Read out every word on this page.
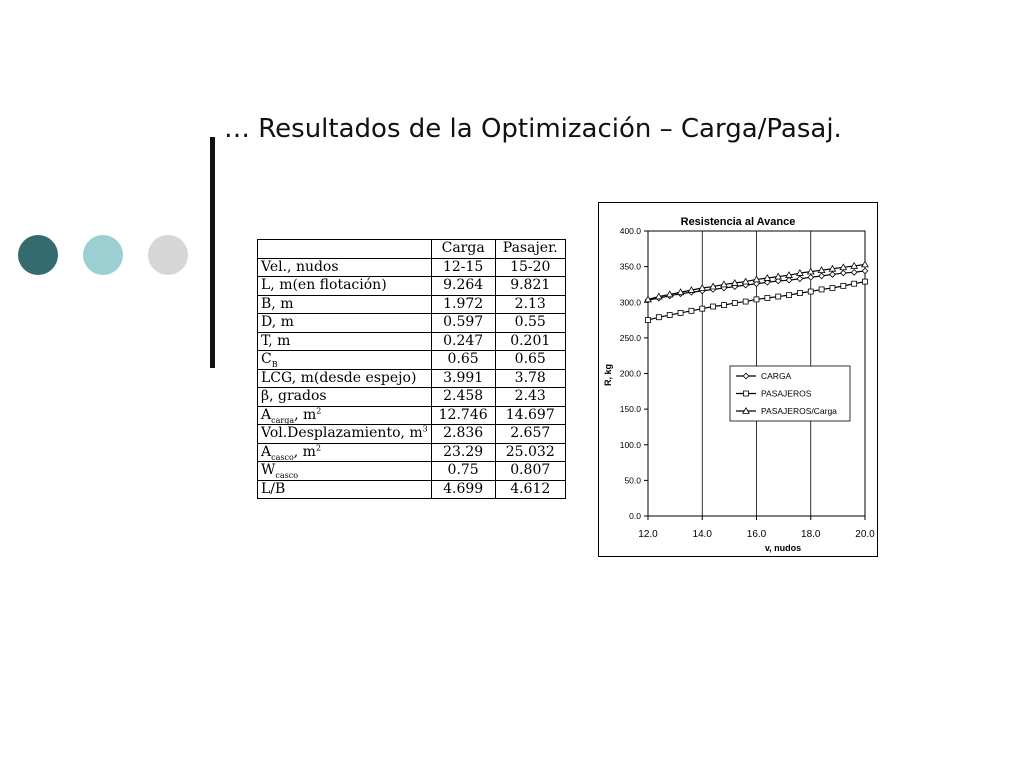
… Resultados de la Optimización – Carga/Pasaj.
	Carga	Pasajer.
Vel., nudos	12-15	15-20
L, m(en flotación)	9.264	9.821
B, m	1.972	2.13
D, m	0.597	0.55
T, m	0.247	0.201
$C_B$	0.65	0.65
LCG, m(desde espejo)	3.991	3.78
β, grados	2.458	2.43
$A_{carga}$, $m^2$	12.746	14.697
Vol.Desplazamiento, $m^3$	2.836	2.657
$A_{casco}$, $m^2$	23.29	25.032
$W_{casco}$	0.75	0.807
L/B	4.699	4.612
Resistencia al Avance
v, nudos
R, kg
12.0	14.0	16.0	18.0	20.0
0.0
50.0
100.0
150.0
200.0
250.0
300.0
350.0
400.0
CARGA
PASAJEROS
PASAJEROS/Carga
